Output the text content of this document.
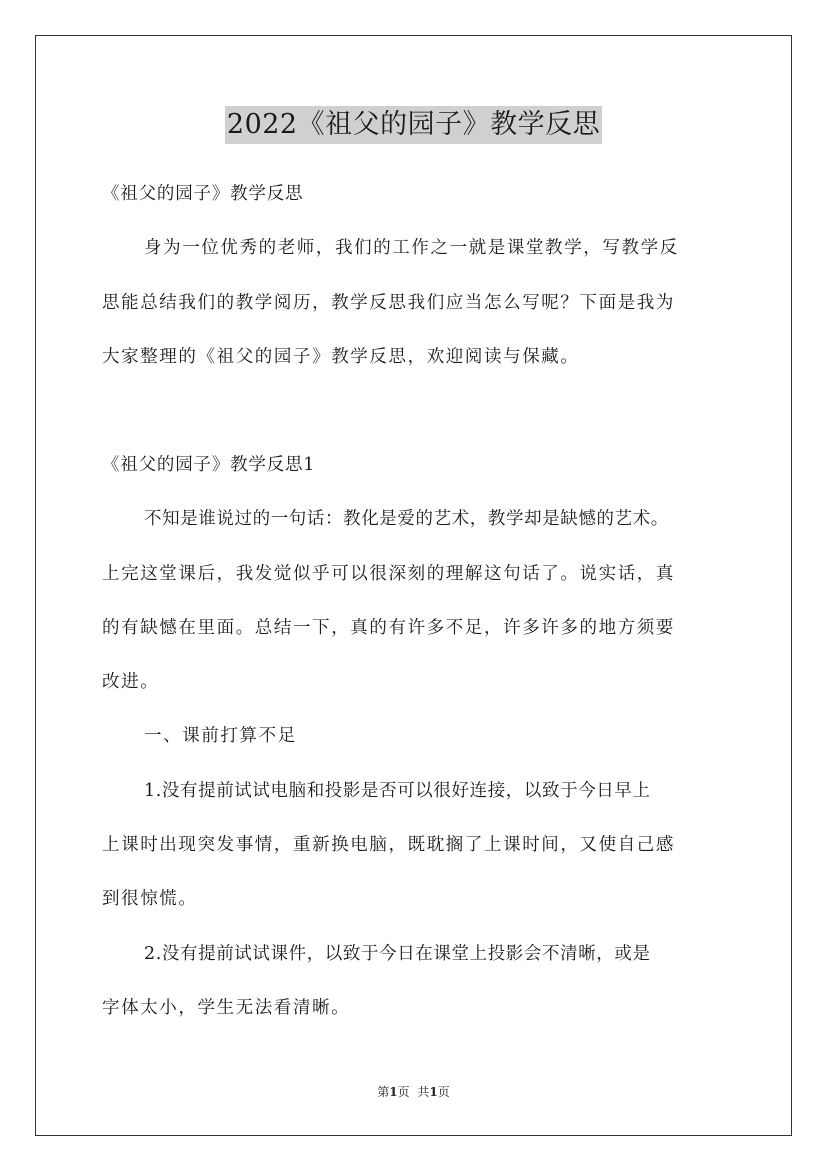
2022《祖父的园子》教学反思
《祖父的园子》教学反思
身为一位优秀的老师，我们的工作之一就是课堂教学，写教学反
思能总结我们的教学阅历，教学反思我们应当怎么写呢？下面是我为
大家整理的《祖父的园子》教学反思，欢迎阅读与保藏。
《祖父的园子》教学反思1
不知是谁说过的一句话：教化是爱的艺术，教学却是缺憾的艺术。
上完这堂课后，我发觉似乎可以很深刻的理解这句话了。说实话，真
的有缺憾在里面。总结一下，真的有许多不足，许多许多的地方须要
改进。
一、课前打算不足
1.没有提前试试电脑和投影是否可以很好连接，以致于今日早上
上课时出现突发事情，重新换电脑，既耽搁了上课时间，又使自己感
到很惊慌。
2.没有提前试试课件，以致于今日在课堂上投影会不清晰，或是
字体太小，学生无法看清晰。
第1页 共1页
